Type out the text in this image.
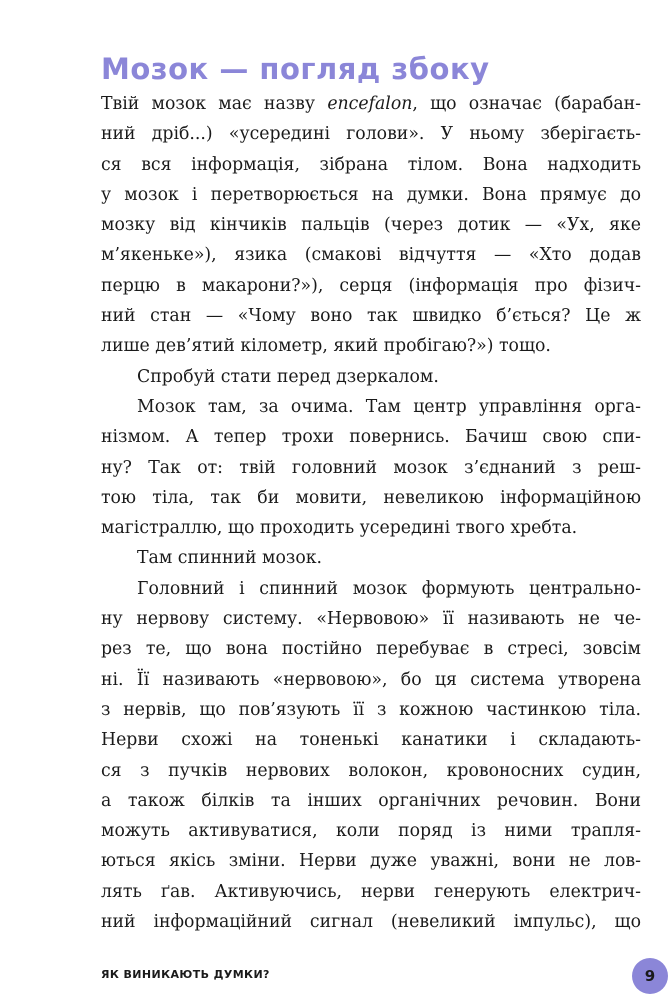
Мозок — погляд збоку
Твій мозок має назву encefalon, що означає (барабан-
ний дріб...) «усередині голови». У ньому зберігаєть-
ся вся інформація, зібрана тілом. Вона надходить
у мозок і перетворюється на думки. Вона прямує до
мозку від кінчиків пальців (через дотик — «Ух, яке
м’якеньке»), язика (смакові відчуття — «Хто додав
перцю в макарони?»), серця (інформація про фізич-
ний стан — «Чому воно так швидко б’ється? Це ж
лише дев’ятий кілометр, який пробігаю?») тощо.
Спробуй стати перед дзеркалом.
Мозок там, за очима. Там центр управління орга-
нізмом. А тепер трохи повернись. Бачиш свою спи-
ну? Так от: твій головний мозок з’єднаний з реш-
тою тіла, так би мовити, невеликою інформаційною
магістраллю, що проходить усередині твого хребта.
Там спинний мозок.
Головний і спинний мозок формують центрально-
ну нервову систему. «Нервовою» її називають не че-
рез те, що вона постійно перебуває в стресі, зовсім
ні. Її називають «нервовою», бо ця система утворена
з нервів, що пов’язують її з кожною частинкою тіла.
Нерви схожі на тоненькі канатики і складають-
ся з пучків нервових волокон, кровоносних судин,
а також білків та інших органічних речовин. Вони
можуть активуватися, коли поряд із ними трапля-
ються якісь зміни. Нерви дуже уважні, вони не лов-
лять ґав. Активуючись, нерви генерують електрич-
ний інформаційний сигнал (невеликий імпульс), що
ЯК ВИНИКАЮТЬ ДУМКИ?	9
